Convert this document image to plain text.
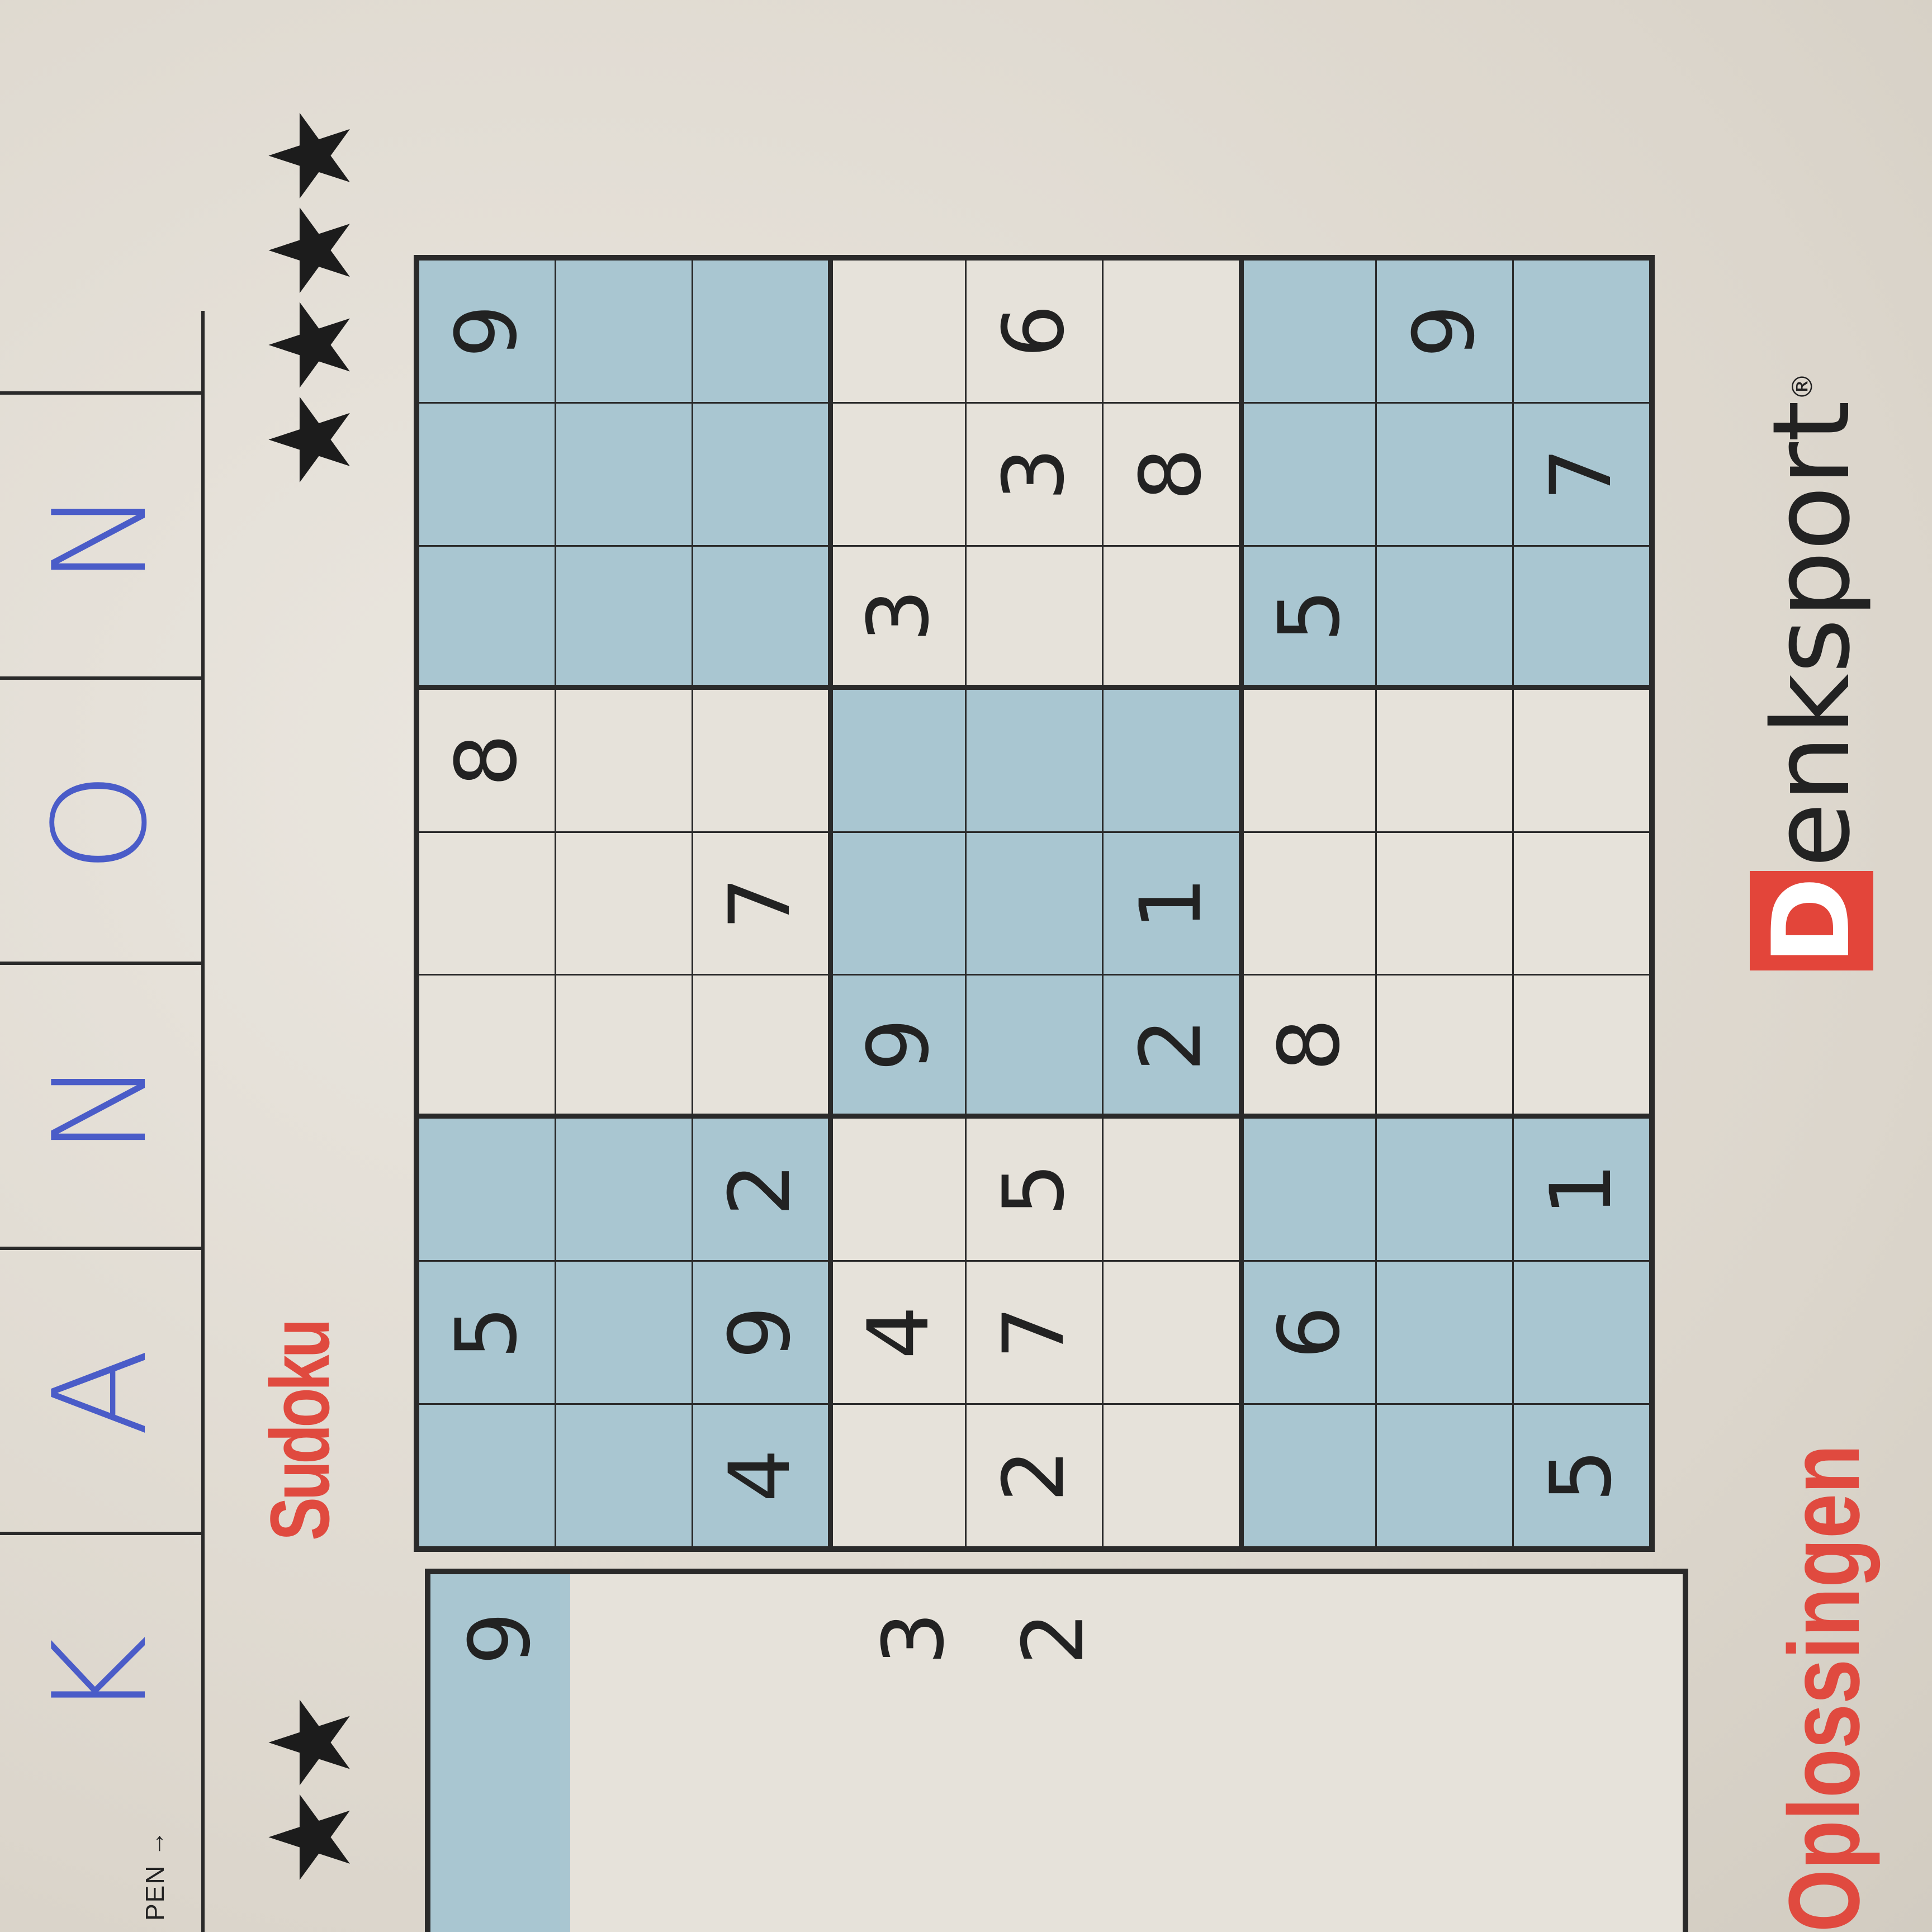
PEN →
K
A
N
O
N
★★
9	3 2
★★★★
Sudoku 5
8
9
4
9
2
7
4
9
3
2
7
5
3
6
2
1
8
6
8
5
9
5
1
7
Oplossingen
Denksport®
